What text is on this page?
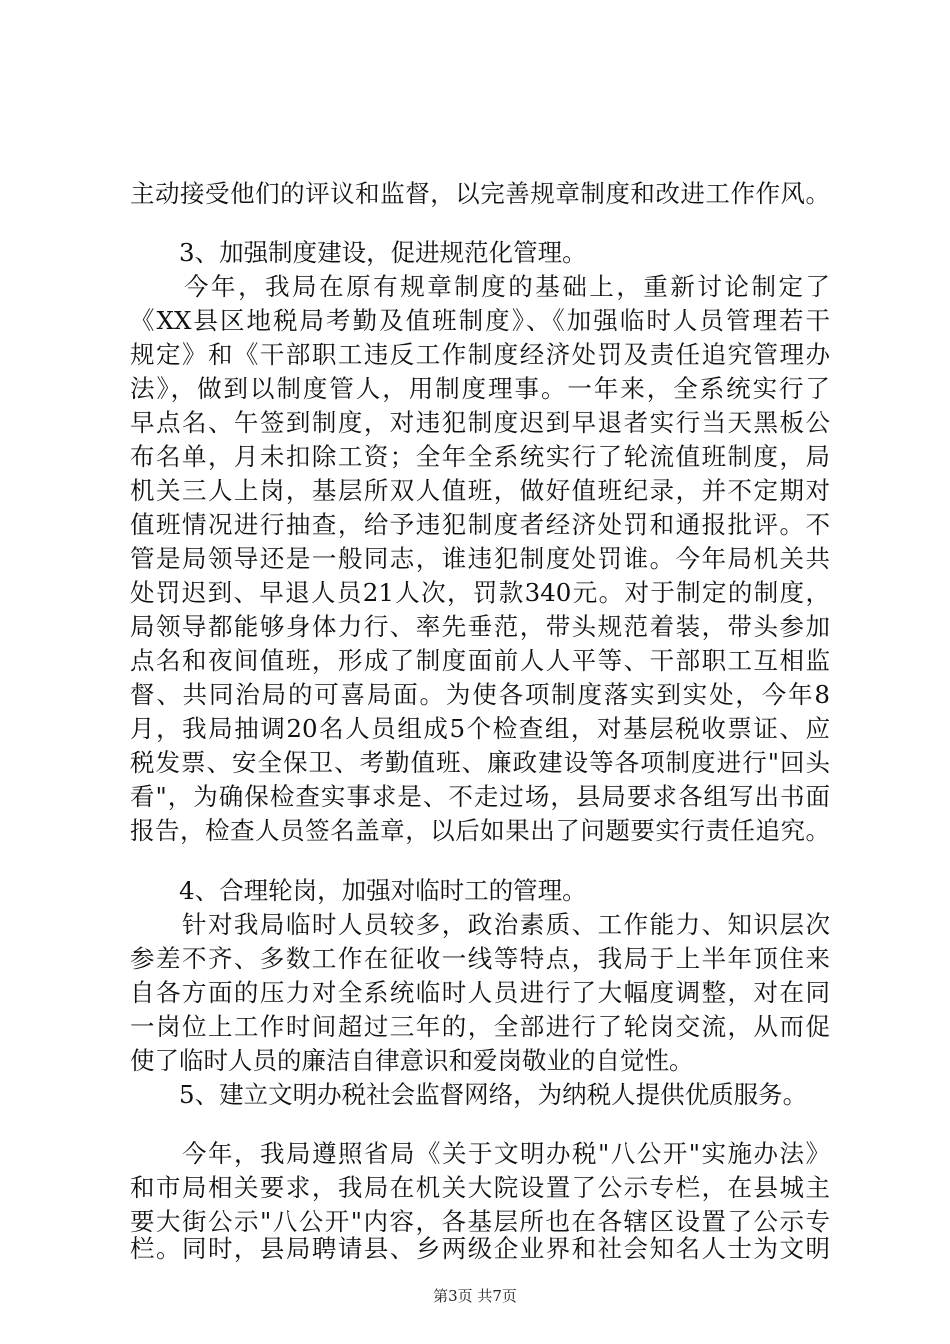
主动接受他们的评议和监督，以完善规章制度和改进工作作风。
　　3、加强制度建设，促进规范化管理。
　　今年，我局在原有规章制度的基础上，重新讨论制定了
《XX县区地税局考勤及值班制度》、《加强临时人员管理若干
规定》和《干部职工违反工作制度经济处罚及责任追究管理办
法》，做到以制度管人，用制度理事。一年来，全系统实行了
早点名、午签到制度，对违犯制度迟到早退者实行当天黑板公
布名单，月未扣除工资；全年全系统实行了轮流值班制度，局
机关三人上岗，基层所双人值班，做好值班纪录，并不定期对
值班情况进行抽查，给予违犯制度者经济处罚和通报批评。不
管是局领导还是一般同志，谁违犯制度处罚谁。今年局机关共
处罚迟到、早退人员21人次，罚款340元。对于制定的制度，
局领导都能够身体力行、率先垂范，带头规范着装，带头参加
点名和夜间值班，形成了制度面前人人平等、干部职工互相监
督、共同治局的可喜局面。为使各项制度落实到实处，今年8
月，我局抽调20名人员组成5个检查组，对基层税收票证、应
税发票、安全保卫、考勤值班、廉政建设等各项制度进行"回头
看"，为确保检查实事求是、不走过场，县局要求各组写出书面
报告，检查人员签名盖章，以后如果出了问题要实行责任追究。
　　4、合理轮岗，加强对临时工的管理。
　　针对我局临时人员较多，政治素质、工作能力、知识层次
参差不齐、多数工作在征收一线等特点，我局于上半年顶住来
自各方面的压力对全系统临时人员进行了大幅度调整，对在同
一岗位上工作时间超过三年的，全部进行了轮岗交流，从而促
使了临时人员的廉洁自律意识和爱岗敬业的自觉性。
　　5、建立文明办税社会监督网络，为纳税人提供优质服务。
　　今年，我局遵照省局《关于文明办税"八公开"实施办法》
和市局相关要求，我局在机关大院设置了公示专栏，在县城主
要大街公示"八公开"内容，各基层所也在各辖区设置了公示专
栏。同时，县局聘请县、乡两级企业界和社会知名人士为文明
第3页 共7页
